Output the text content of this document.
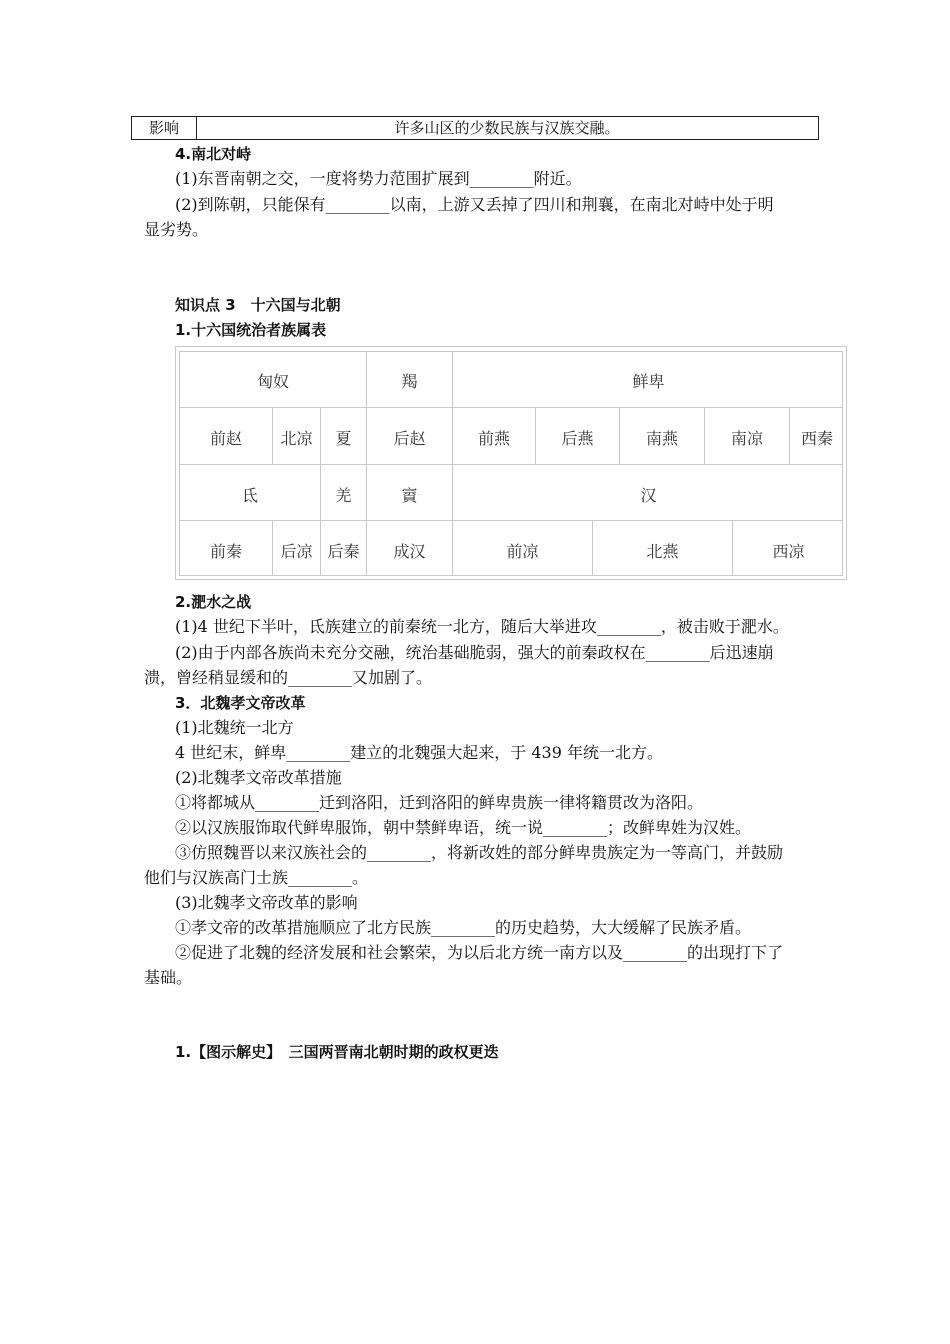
影响	许多山区的少数民族与汉族交融。
4.南北对峙
(1)东晋南朝之交，一度将势力范围扩展到________附近。
(2)到陈朝，只能保有________以南，上游又丢掉了四川和荆襄，在南北对峙中处于明
显劣势。
知识点 3　十六国与北朝
1.十六国统治者族属表
匈奴	羯	鲜卑
前赵	北凉	夏	后赵	前燕	后燕	南燕	南凉	西秦
氐	羌	賨	汉
前秦	后凉 后秦	成汉	前凉	北燕	西凉
2.淝水之战
(1)4 世纪下半叶，氐族建立的前秦统一北方，随后大举进攻________，被击败于淝水。
(2)由于内部各族尚未充分交融，统治基础脆弱，强大的前秦政权在________后迅速崩
溃，曾经稍显缓和的________又加剧了。
3．北魏孝文帝改革
(1)北魏统一北方
4 世纪末，鲜卑________建立的北魏强大起来，于 439 年统一北方。
(2)北魏孝文帝改革措施
①将都城从________迁到洛阳，迁到洛阳的鲜卑贵族一律将籍贯改为洛阳。
②以汉族服饰取代鲜卑服饰，朝中禁鲜卑语，统一说________；改鲜卑姓为汉姓。
③仿照魏晋以来汉族社会的________，将新改姓的部分鲜卑贵族定为一等高门，并鼓励
他们与汉族高门士族________。
(3)北魏孝文帝改革的影响
①孝文帝的改革措施顺应了北方民族________的历史趋势，大大缓解了民族矛盾。
②促进了北魏的经济发展和社会繁荣，为以后北方统一南方以及________的出现打下了
基础。
1.【图示解史】　三国两晋南北朝时期的政权更迭
